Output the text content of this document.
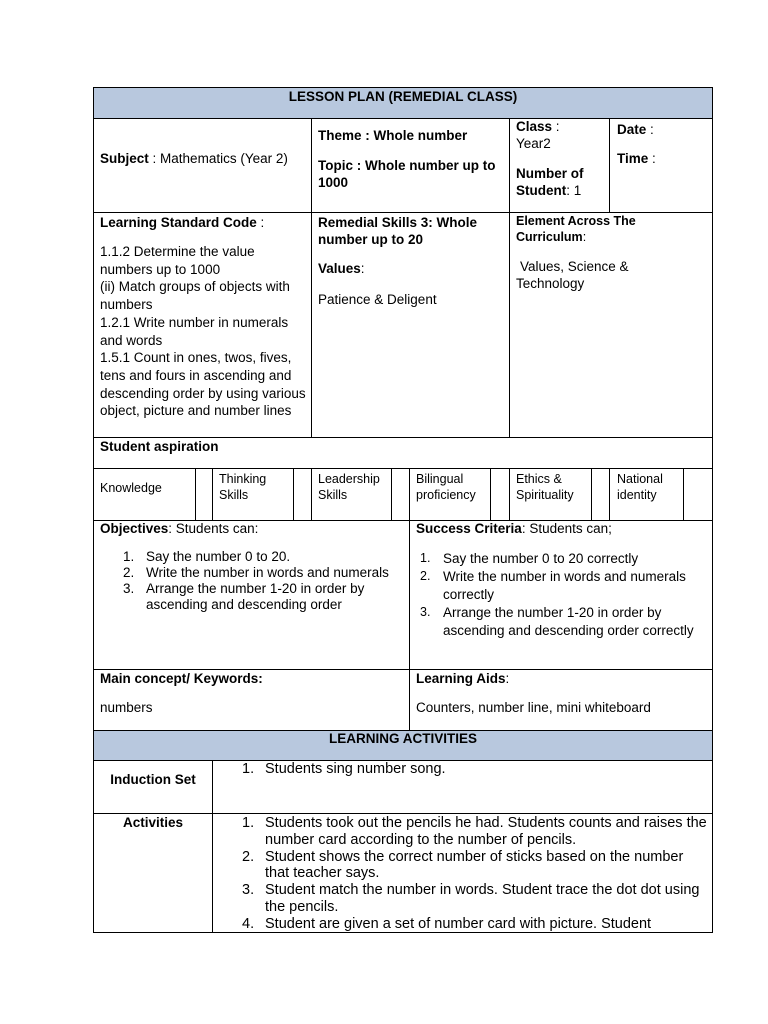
LESSON PLAN (REMEDIAL CLASS)
Subject : Mathematics (Year 2)
Theme : Whole number
Topic : Whole number up to 1000
Class :
Year2
Number of Student: 1
Date :
Time :
Learning Standard Code :
1.1.2 Determine the value numbers up to 1000
(ii) Match groups of objects with numbers
1.2.1 Write number in numerals and words
1.5.1 Count in ones, twos, fives, tens and fours in ascending and descending order by using various object, picture and number lines
Remedial Skills 3: Whole number up to 20
Values:
Patience & Deligent
Element Across The Curriculum:
Values, Science & Technology
Student aspiration
Knowledge
Thinking Skills
Leadership Skills
Bilingual proficiency
Ethics & Spirituality
National identity
Objectives: Students can:
1. Say the number 0 to 20.
2. Write the number in words and numerals
3. Arrange the number 1-20 in order by ascending and descending order
Success Criteria: Students can;
1. Say the number 0 to 20 correctly
2. Write the number in words and numerals correctly
3. Arrange the number 1-20 in order by ascending and descending order correctly
Main concept/ Keywords:
numbers
Learning Aids:
Counters, number line, mini whiteboard
LEARNING ACTIVITIES
Induction Set
1. Students sing number song.
Activities	1. Students took out the pencils he had. Students counts and raises the number card according to the number of pencils.
2. Student shows the correct number of sticks based on the number that teacher says.
3. Student match the number in words. Student trace the dot dot using the pencils.
4. Student are given a set of number card with picture. Student
